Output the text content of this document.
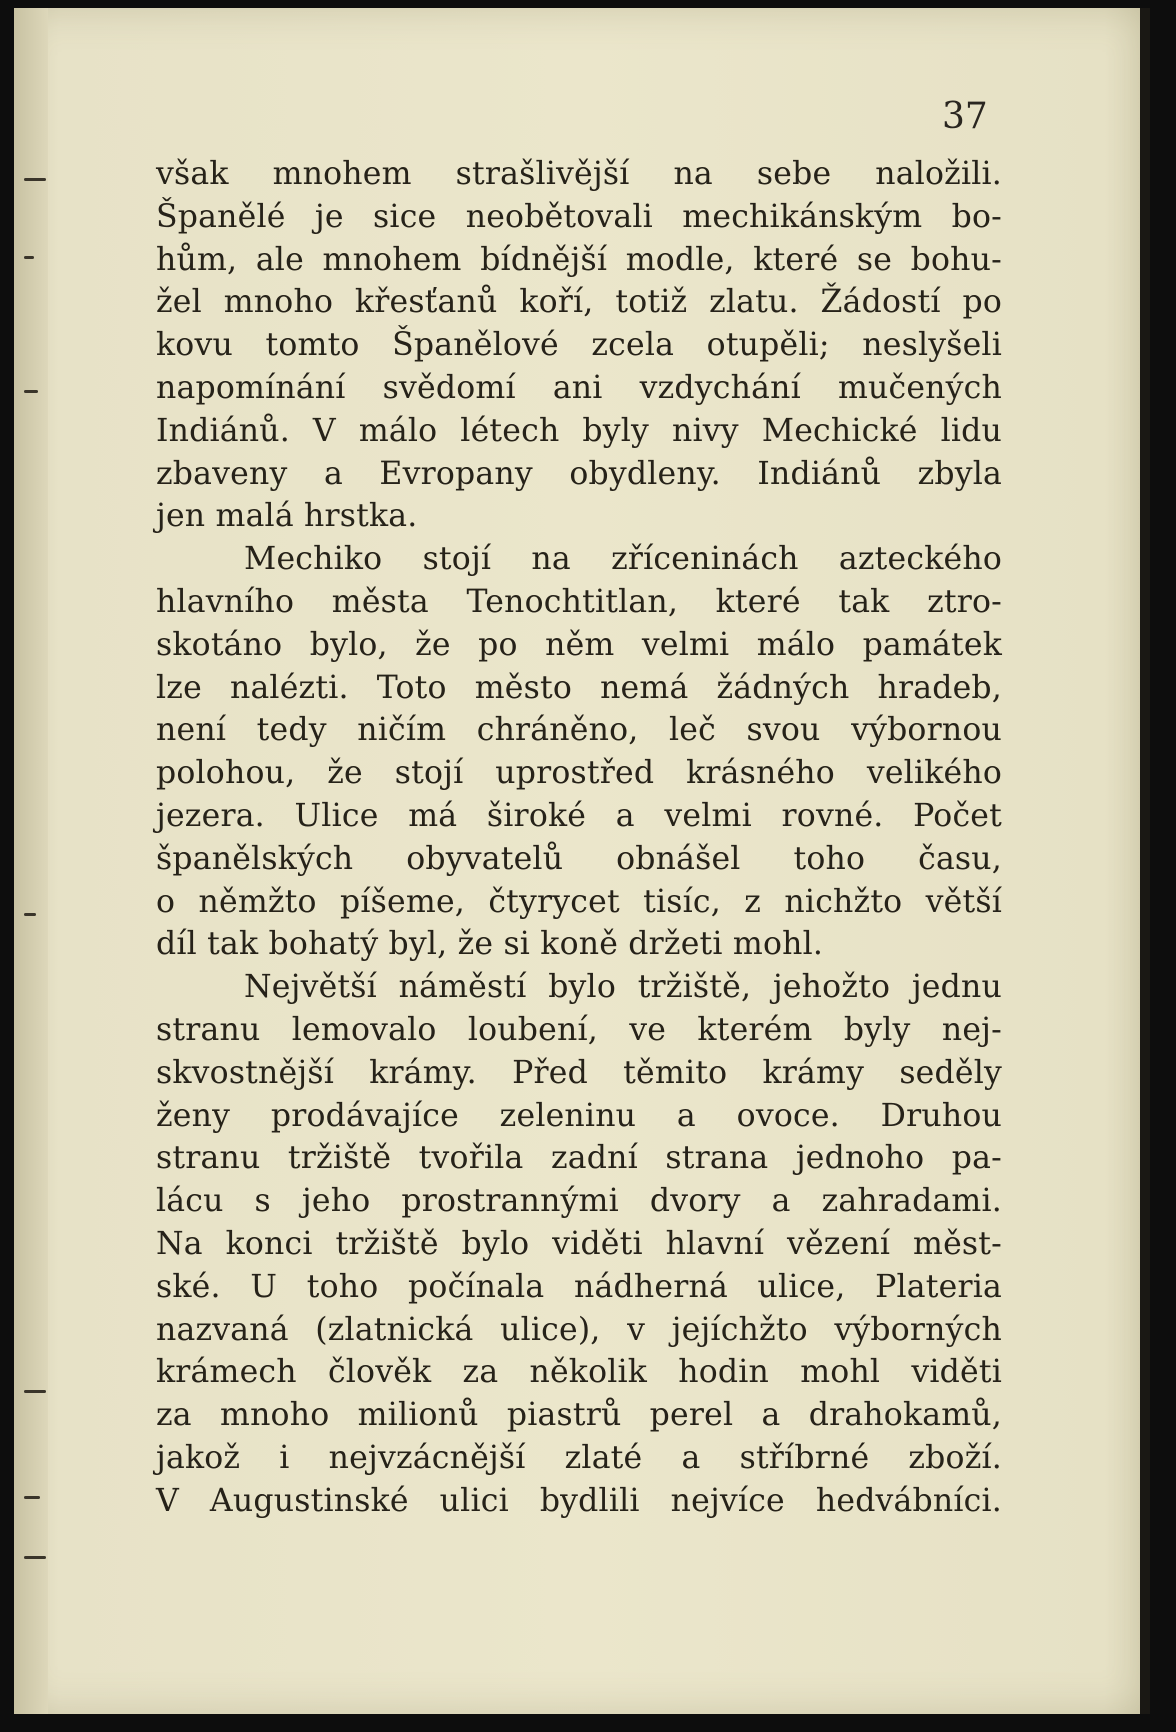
37
však mnohem strašlivější na sebe naložili.
Španělé je sice neobětovali mechikánským bo-
hům, ale mnohem bídnější modle, které se bohu-
žel mnoho křesťanů koří, totiž zlatu. Žádostí po
kovu tomto Španělové zcela otupěli; neslyšeli
napomínání svědomí ani vzdychání mučených
Indiánů. V málo létech byly nivy Mechické lidu
zbaveny a Evropany obydleny. Indiánů zbyla
jen malá hrstka.
Mechiko stojí na zříceninách azteckého
hlavního města Tenochtitlan, které tak ztro-
skotáno bylo, že po něm velmi málo památek
lze nalézti. Toto město nemá žádných hradeb,
není tedy ničím chráněno, leč svou výbornou
polohou, že stojí uprostřed krásného velikého
jezera. Ulice má široké a velmi rovné. Počet
španělských obyvatelů obnášel toho času,
o němžto píšeme, čtyrycet tisíc, z nichžto větší
díl tak bohatý byl, že si koně držeti mohl.
Největší náměstí bylo tržiště, jehožto jednu
stranu lemovalo loubení, ve kterém byly nej-
skvostnější krámy. Před těmito krámy seděly
ženy prodávajíce zeleninu a ovoce. Druhou
stranu tržiště tvořila zadní strana jednoho pa-
lácu s jeho prostrannými dvory a zahradami.
Na konci tržiště bylo viděti hlavní vězení měst-
ské. U toho počínala nádherná ulice, Plateria
nazvaná (zlatnická ulice), v jejíchžto výborných
krámech člověk za několik hodin mohl viděti
za mnoho milionů piastrů perel a drahokamů,
jakož i nejvzácnější zlaté a stříbrné zboží.
V Augustinské ulici bydlili nejvíce hedvábníci.
